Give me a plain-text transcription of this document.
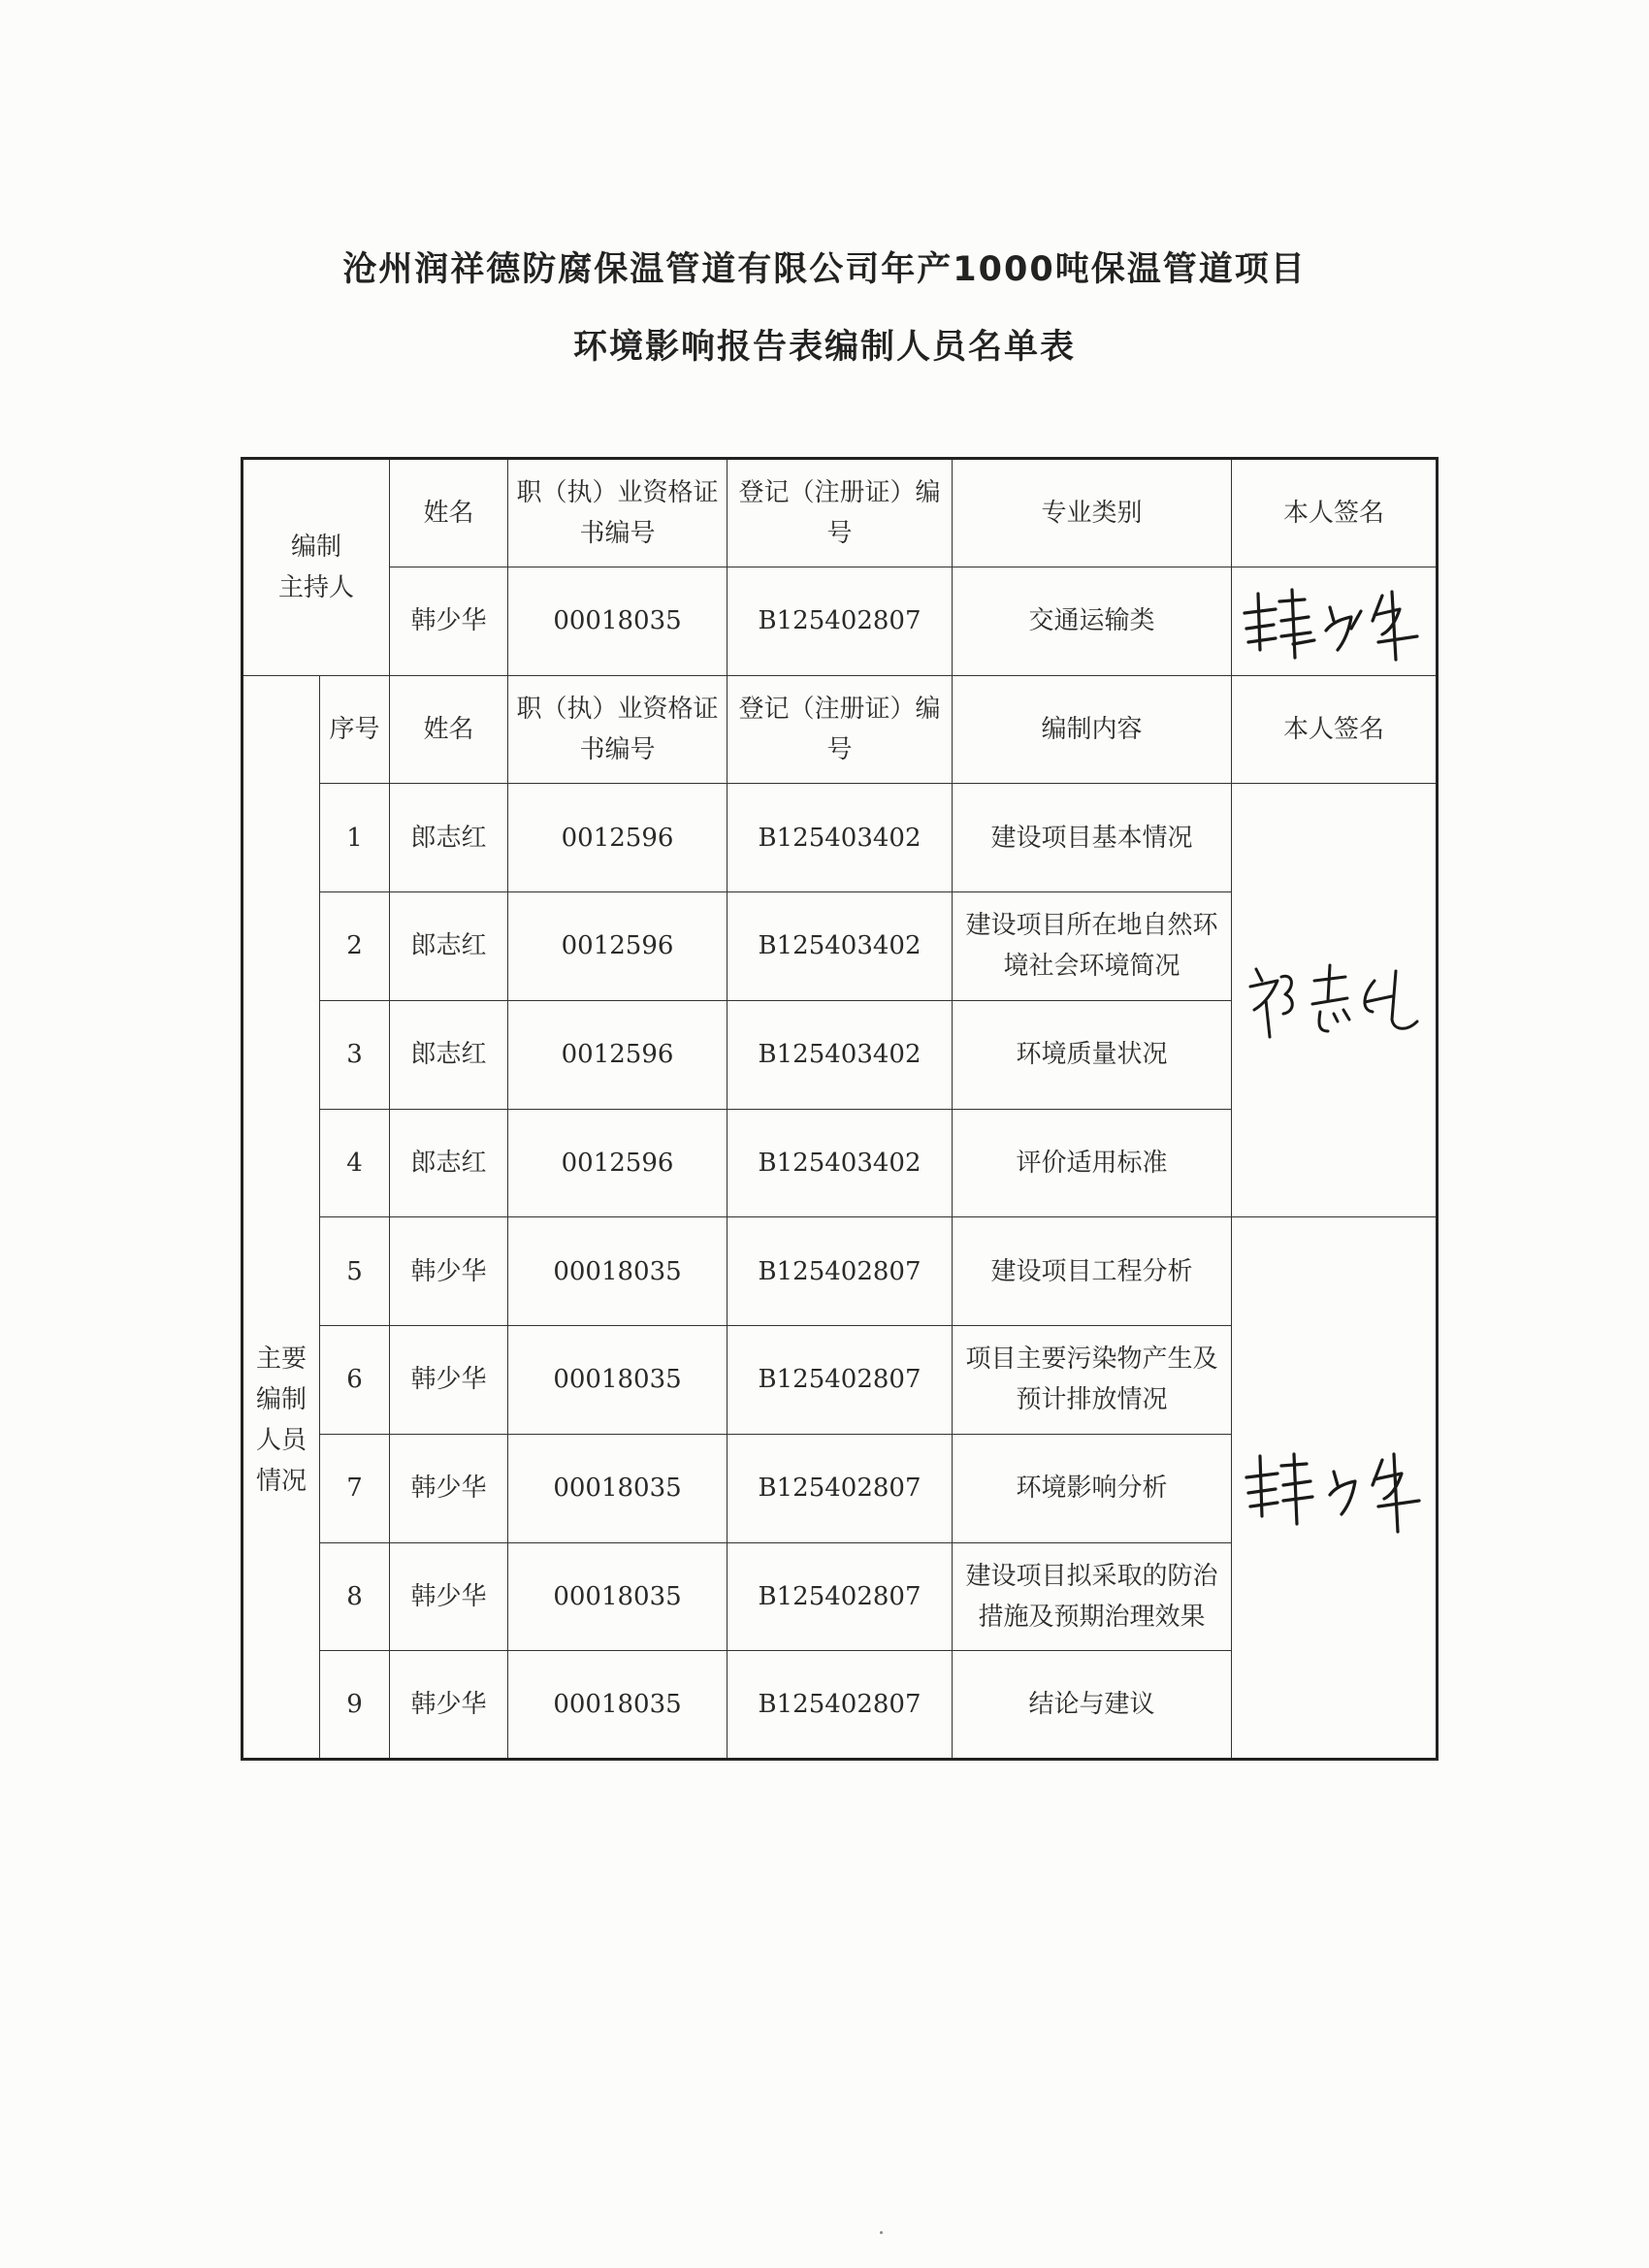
沧州润祥德防腐保温管道有限公司年产1000吨保温管道项目
环境影响报告表编制人员名单表
编制
主持人		姓名	职（执）业资格证书编号	登记（注册证）编号	专业类别	本人签名
		韩少华	00018035	B125402807	交通运输类	

主要
编制
人员
情况	序号	姓名	职（执）业资格证书编号	登记（注册证）编号	编制内容	本人签名
	1	郎志红	0012596	B125403402	建设项目基本情况	

	2	郎志红	0012596	B125403402	建设项目所在地自然环境社会环境简况	
	3	郎志红	0012596	B125403402	环境质量状况	
	4	郎志红	0012596	B125403402	评价适用标准	
	5	韩少华	00018035	B125402807	建设项目工程分析	

	6	韩少华	00018035	B125402807	项目主要污染物产生及预计排放情况	
	7	韩少华	00018035	B125402807	环境影响分析	
	8	韩少华	00018035	B125402807	建设项目拟采取的防治措施及预期治理效果	
	9	韩少华	00018035	B125402807	结论与建议	
